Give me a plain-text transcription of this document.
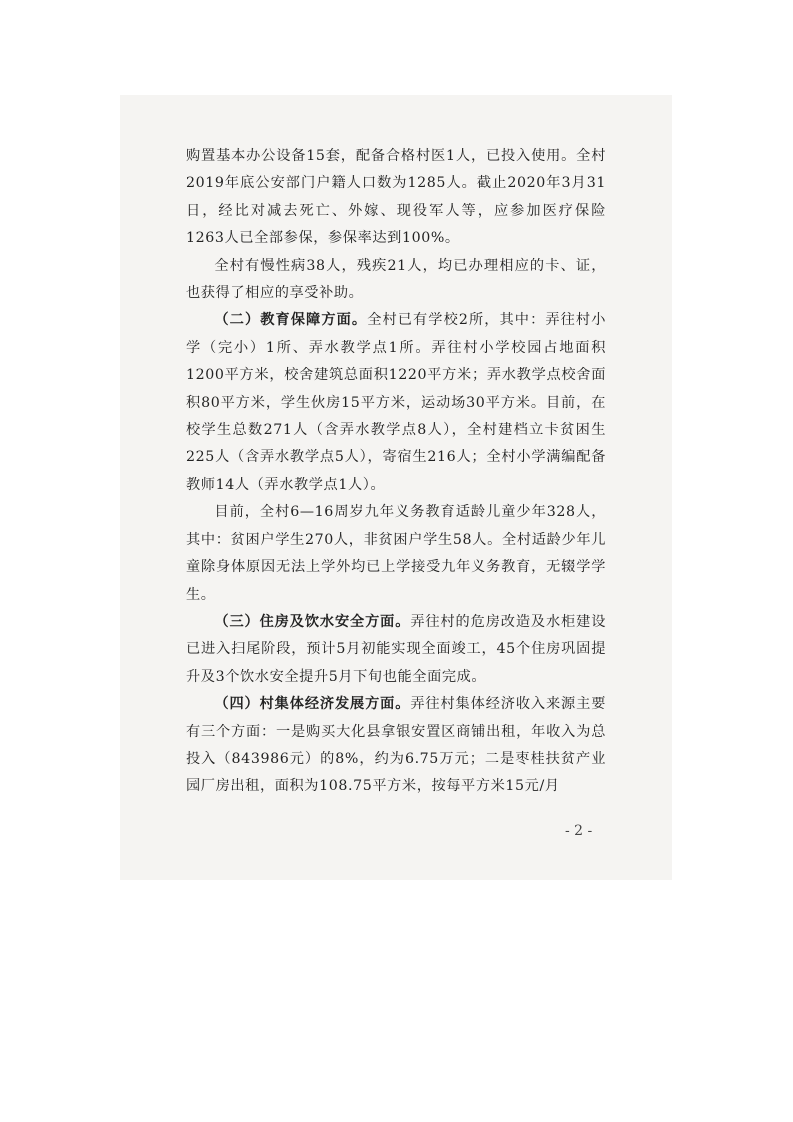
购置基本办公设备15套，配备合格村医1人，已投入使用。全村2019年底公安部门户籍人口数为1285人。截止2020年3月31日，经比对减去死亡、外嫁、现役军人等，应参加医疗保险1263人已全部参保，参保率达到100%。

全村有慢性病38人，残疾21人，均已办理相应的卡、证，也获得了相应的享受补助。

（二）教育保障方面。全村已有学校2所，其中：弄往村小学（完小）1所、弄水教学点1所。弄往村小学校园占地面积1200平方米，校舍建筑总面积1220平方米；弄水教学点校舍面积80平方米，学生伙房15平方米，运动场30平方米。目前，在校学生总数271人（含弄水教学点8人），全村建档立卡贫困生225人（含弄水教学点5人），寄宿生216人；全村小学满编配备教师14人（弄水教学点1人）。

目前，全村6—16周岁九年义务教育适龄儿童少年328人，其中：贫困户学生270人，非贫困户学生58人。全村适龄少年儿童除身体原因无法上学外均已上学接受九年义务教育，无辍学学生。

（三）住房及饮水安全方面。弄往村的危房改造及水柜建设已进入扫尾阶段，预计5月初能实现全面竣工，45个住房巩固提升及3个饮水安全提升5月下旬也能全面完成。

（四）村集体经济发展方面。弄往村集体经济收入来源主要有三个方面：一是购买大化县拿银安置区商铺出租，年收入为总投入（843986元）的8%，约为6.75万元；二是枣桂扶贫产业园厂房出租，面积为108.75平方米，按每平方米15元/月

- 2 -
